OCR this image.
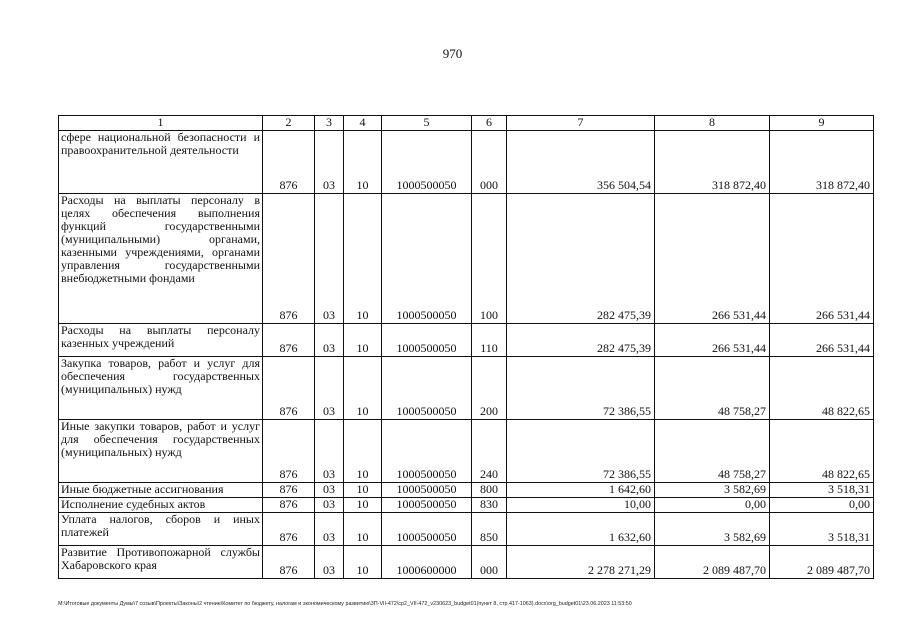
970
1	2	3	4	5	6	7	8	9
сфере национальной безопасности и правоохранительной деятельности	876	03	10	1000500050	000	356 504,54	318 872,40	318 872,40
Расходы на выплаты персоналу в целях обеспечения выполнения функций государственными (муниципальными) органами, казенными учреждениями, органами управления государственными внебюджетными фондами	876	03	10	1000500050	100	282 475,39	266 531,44	266 531,44
Расходы на выплаты персоналу казенных учреждений	876	03	10	1000500050	110	282 475,39	266 531,44	266 531,44
Закупка товаров, работ и услуг для обеспечения государственных (муниципальных) нужд	876	03	10	1000500050	200	72 386,55	48 758,27	48 822,65
Иные закупки товаров, работ и услуг для обеспечения государственных (муниципальных) нужд	876	03	10	1000500050	240	72 386,55	48 758,27	48 822,65
Иные бюджетные ассигнования	876	03	10	1000500050	800	1 642,60	3 582,69	3 518,31
Исполнение судебных актов	876	03	10	1000500050	830	10,00	0,00	0,00
Уплата налогов, сборов и иных платежей	876	03	10	1000500050	850	1 632,60	3 582,69	3 518,31
Развитие Противопожарной службы Хабаровского края	876	03	10	1000600000	000	2 278 271,29	2 089 487,70	2 089 487,70
M:\Итоговые документы Думы\7 созыв\Проекты\Законы\2 чтение\Комитет по бюджету, налогам и экономическому развитию\3П-VII-472\cp2_VII-472_v230623_budget01(пункт 8, стр.417-1063).docx\org_budget01\23.06.2023 11:53:50
